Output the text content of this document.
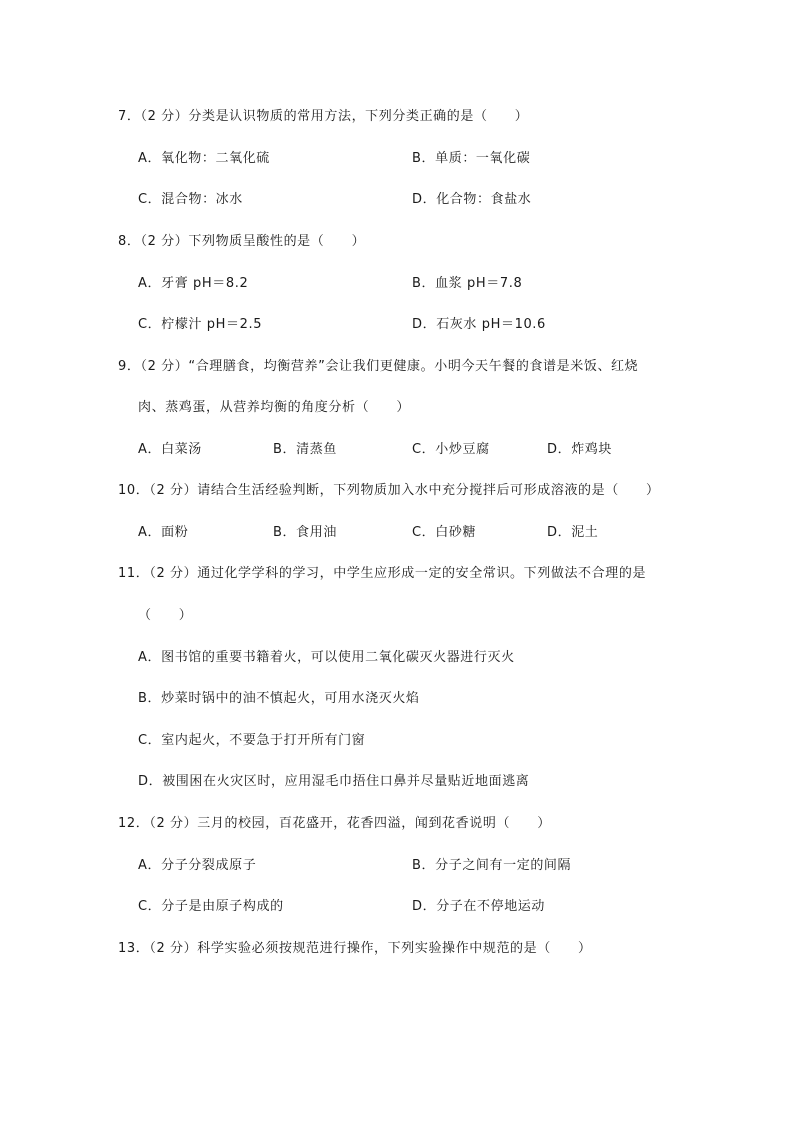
7．（2 分）分类是认识物质的常用方法，下列分类正确的是（　　）
A．氧化物：二氧化硫	B．单质：一氧化碳
C．混合物：冰水	D．化合物：食盐水
8．（2 分）下列物质呈酸性的是（　　）
A．牙膏 pH＝8.2	B．血浆 pH＝7.8
C．柠檬汁 pH＝2.5	D．石灰水 pH＝10.6
9．（2 分）“合理膳食，均衡营养”会让我们更健康。小明今天午餐的食谱是米饭、红烧
肉、蒸鸡蛋，从营养均衡的角度分析（　　）
A．白菜汤	B．清蒸鱼	C．小炒豆腐	D．炸鸡块
10．（2 分）请结合生活经验判断，下列物质加入水中充分搅拌后可形成溶液的是（　　）
A．面粉	B．食用油	C．白砂糖	D．泥土
11．（2 分）通过化学学科的学习，中学生应形成一定的安全常识。下列做法不合理的是
（　　）
A．图书馆的重要书籍着火，可以使用二氧化碳灭火器进行灭火
B．炒菜时锅中的油不慎起火，可用水浇灭火焰
C．室内起火，不要急于打开所有门窗
D．被围困在火灾区时，应用湿毛巾捂住口鼻并尽量贴近地面逃离
12．（2 分）三月的校园，百花盛开，花香四溢，闻到花香说明（　　）
A．分子分裂成原子	B．分子之间有一定的间隔
C．分子是由原子构成的	D．分子在不停地运动
13．（2 分）科学实验必须按规范进行操作，下列实验操作中规范的是（　　）
